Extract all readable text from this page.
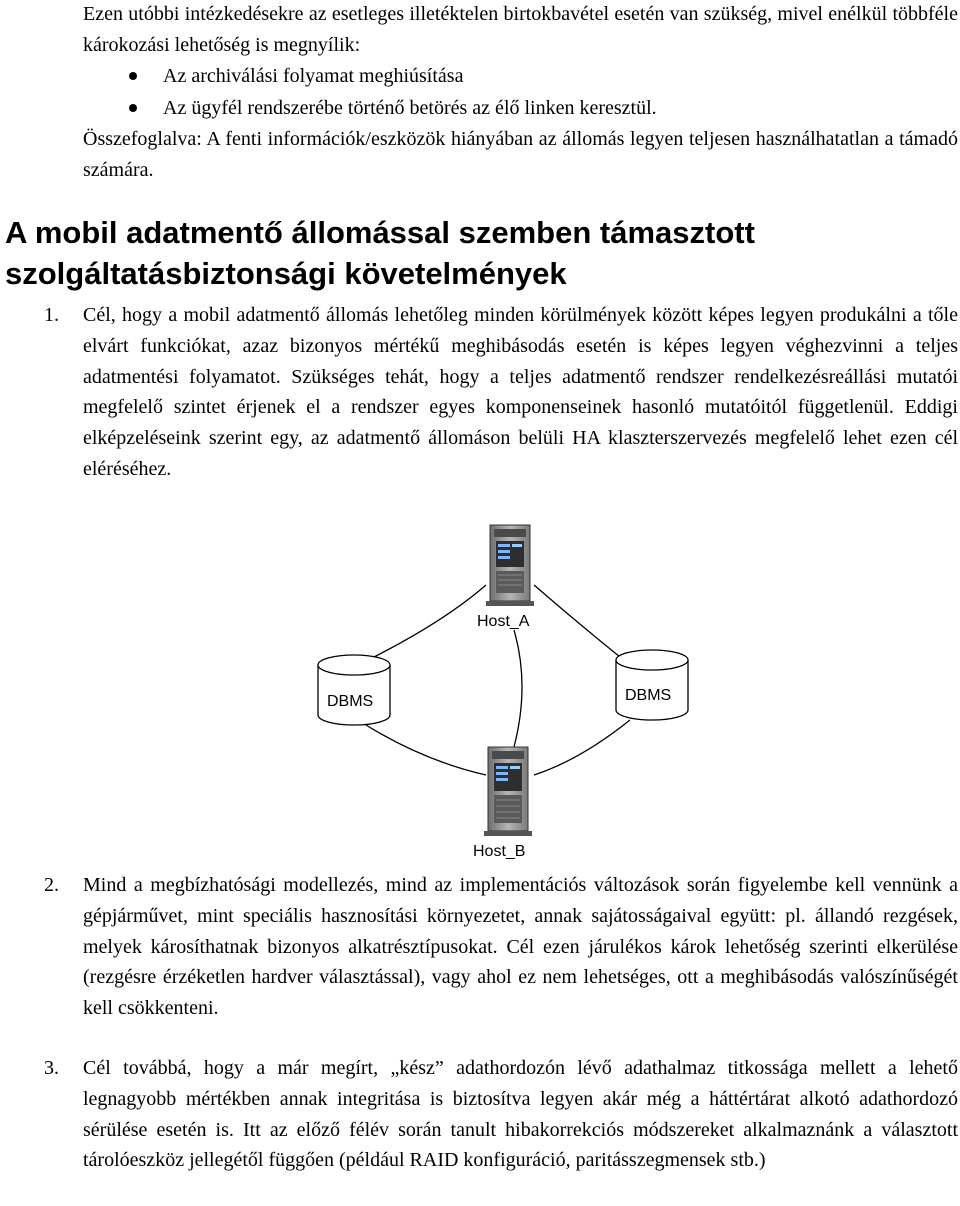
Ezen utóbbi intézkedésekre az esetleges illetéktelen birtokbavétel esetén van szükség, mivel enélkül többféle károkozási lehetőség is megnyílik:
Az archiválási folyamat meghiúsítása
Az ügyfél rendszerébe történő betörés az élő linken keresztül.
Összefoglalva: A fenti információk/eszközök hiányában az állomás legyen teljesen használhatatlan a támadó számára.
A mobil adatmentő állomással szemben támasztott szolgáltatásbiztonsági követelmények
1. Cél, hogy a mobil adatmentő állomás lehetőleg minden körülmények között képes legyen produkálni a tőle elvárt funkciókat, azaz bizonyos mértékű meghibásodás esetén is képes legyen véghezvinni a teljes adatmentési folyamatot. Szükséges tehát, hogy a teljes adatmentő rendszer rendelkezésreállási mutatói megfelelő szintet érjenek el a rendszer egyes komponenseinek hasonló mutatóitól függetlenül. Eddigi elképzeléseink szerint egy, az adatmentő állomáson belüli HA klaszterszervezés megfelelő lehet ezen cél eléréséhez.
Host_A
DBMS	DBMS
Host_B
2. Mind a megbízhatósági modellezés, mind az implementációs változások során figyelembe kell vennünk a gépjárművet, mint speciális hasznosítási környezetet, annak sajátosságaival együtt: pl. állandó rezgések, melyek károsíthatnak bizonyos alkatrésztípusokat. Cél ezen járulékos károk lehetőség szerinti elkerülése (rezgésre érzéketlen hardver választással), vagy ahol ez nem lehetséges, ott a meghibásodás valószínűségét kell csökkenteni.
3. Cél továbbá, hogy a már megírt, „kész” adathordozón lévő adathalmaz titkossága mellett a lehető legnagyobb mértékben annak integritása is biztosítva legyen akár még a háttértárat alkotó adathordozó sérülése esetén is. Itt az előző félév során tanult hibakorrekciós módszereket alkalmaznánk a választott tárolóeszköz jellegétől függően (például RAID konfiguráció, paritásszegmensek stb.)
